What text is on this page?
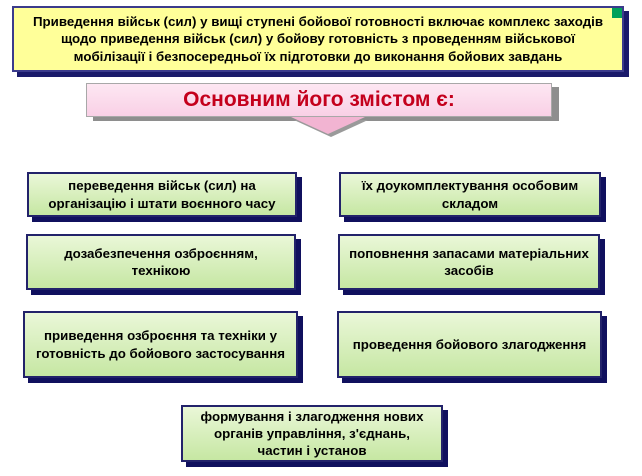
Приведення військ (сил) у вищі ступені бойової готовності включає комплекс заходів щодо приведення військ (сил) у бойову готовність з проведенням військової мобілізації і безпосередньої їх підготовки до виконання бойових завдань
Основним його змістом є:
переведення військ (сил) на організацію і штати воєнного часу
їх доукомплектування особовим складом
дозабезпечення озброєнням, технікою
поповнення запасами матеріальних засобів
приведення озброєння та техніки у готовність до бойового застосування
проведення бойового злагодження
формування і злагодження нових органів управління, з'єднань, частин і установ
